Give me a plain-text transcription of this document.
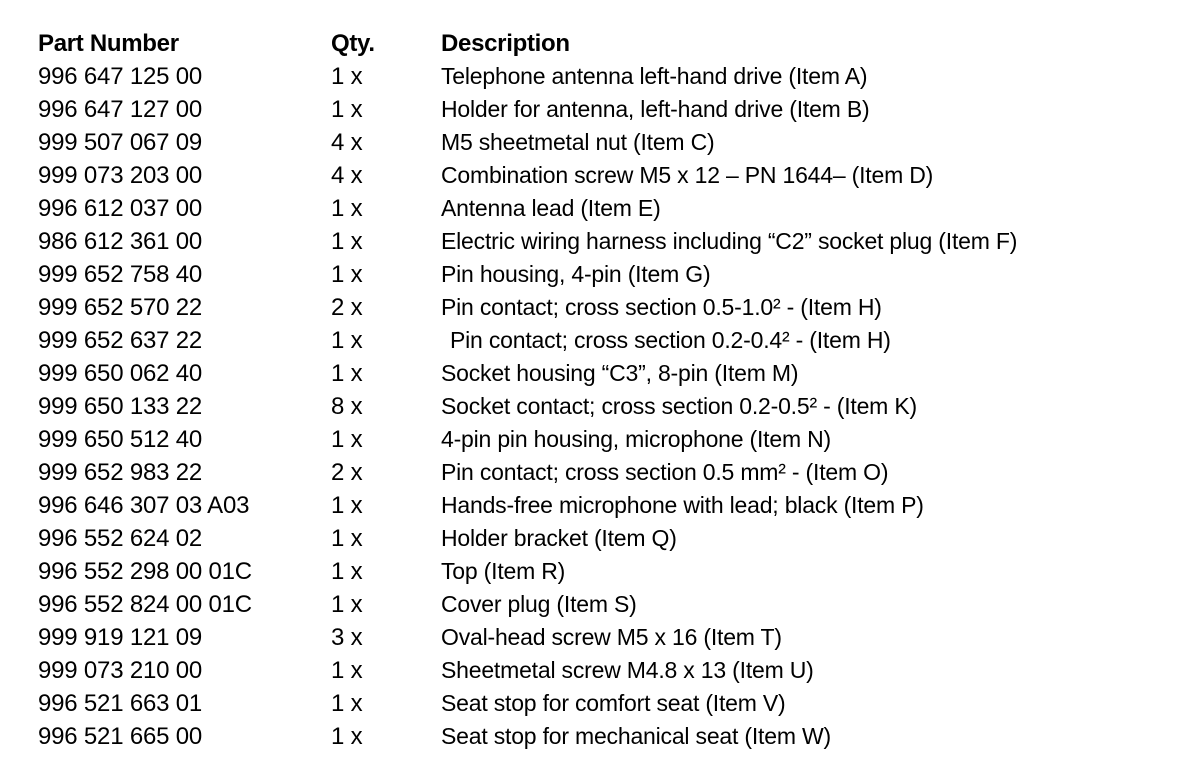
Part Number	Qty.	Description
996 647 125 00	1 x	Telephone antenna left-hand drive (Item A)
996 647 127 00	1 x	Holder for antenna, left-hand drive (Item B)
999 507 067 09	4 x	M5 sheetmetal nut (Item C)
999 073 203 00	4 x	Combination screw M5 x 12 – PN 1644– (Item D)
996 612 037 00	1 x	Antenna lead (Item E)
986 612 361 00	1 x	Electric wiring harness including “C2” socket plug (Item F)
999 652 758 40	1 x	Pin housing, 4-pin (Item G)
999 652 570 22	2 x	Pin contact; cross section 0.5-1.0² - (Item H)
999 652 637 22	1 x	Pin contact; cross section 0.2-0.4² - (Item H)
999 650 062 40	1 x	Socket housing “C3”, 8-pin (Item M)
999 650 133 22	8 x	Socket contact; cross section 0.2-0.5² - (Item K)
999 650 512 40	1 x	4-pin pin housing, microphone (Item N)
999 652 983 22	2 x	Pin contact; cross section 0.5 mm² - (Item O)
996 646 307 03 A03	1 x	Hands-free microphone with lead; black (Item P)
996 552 624 02	1 x	Holder bracket (Item Q)
996 552 298 00 01C	1 x	Top (Item R)
996 552 824 00 01C	1 x	Cover plug (Item S)
999 919 121 09	3 x	Oval-head screw M5 x 16 (Item T)
999 073 210 00	1 x	Sheetmetal screw M4.8 x 13 (Item U)
996 521 663 01	1 x	Seat stop for comfort seat (Item V)
996 521 665 00	1 x	Seat stop for mechanical seat (Item W)
